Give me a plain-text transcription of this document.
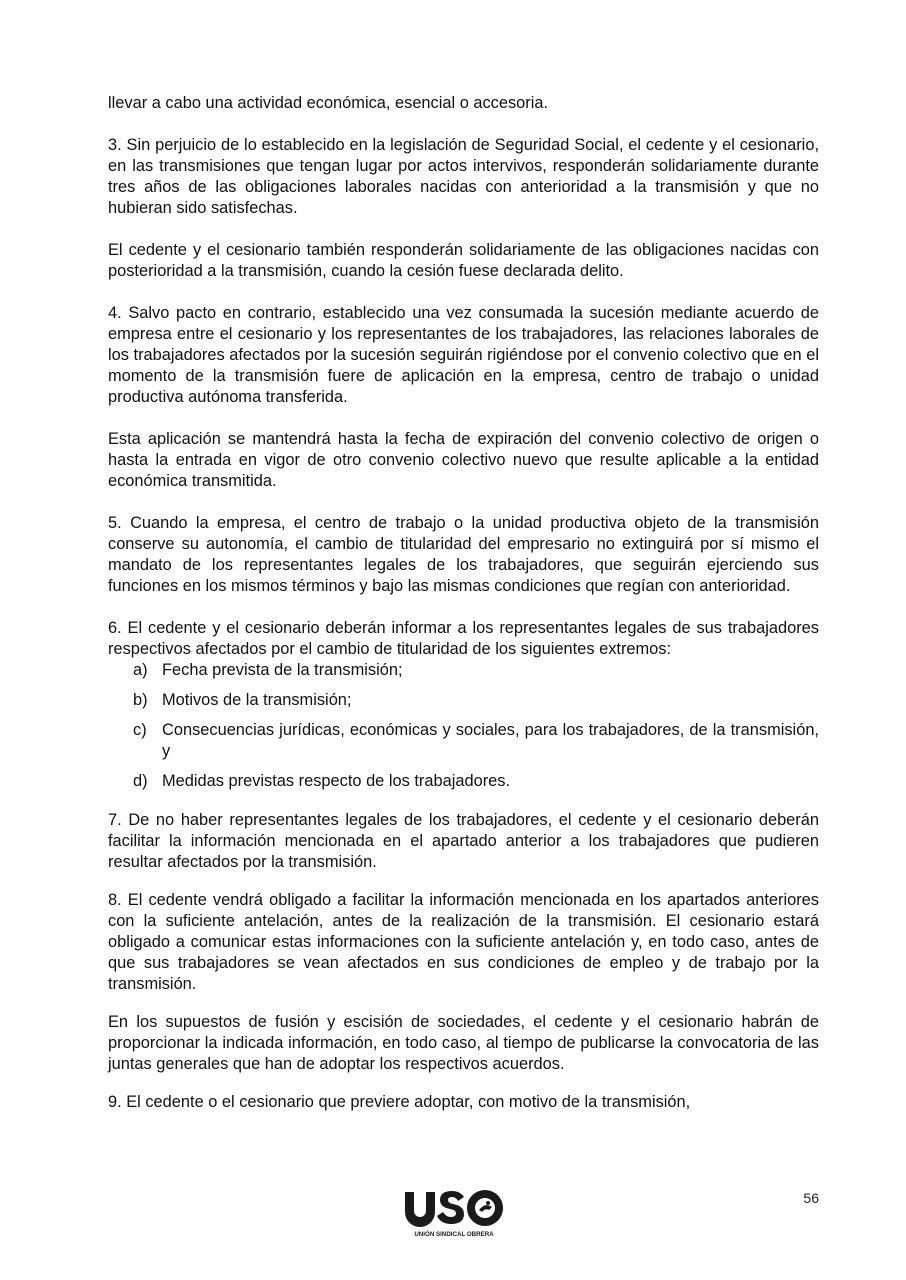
llevar a cabo una actividad económica, esencial o accesoria.

3. Sin perjuicio de lo establecido en la legislación de Seguridad Social, el cedente y el cesionario, en las transmisiones que tengan lugar por actos intervivos, responderán solidariamente durante tres años de las obligaciones laborales nacidas con anterioridad a la transmisión y que no hubieran sido satisfechas.

El cedente y el cesionario también responderán solidariamente de las obligaciones nacidas con posterioridad a la transmisión, cuando la cesión fuese declarada delito.

4. Salvo pacto en contrario, establecido una vez consumada la sucesión mediante acuerdo de empresa entre el cesionario y los representantes de los trabajadores, las relaciones laborales de los trabajadores afectados por la sucesión seguirán rigiéndose por el convenio colectivo que en el momento de la transmisión fuere de aplicación en la empresa, centro de trabajo o unidad productiva autónoma transferida.

Esta aplicación se mantendrá hasta la fecha de expiración del convenio colectivo de origen o hasta la entrada en vigor de otro convenio colectivo nuevo que resulte aplicable a la entidad económica transmitida.

5. Cuando la empresa, el centro de trabajo o la unidad productiva objeto de la transmisión conserve su autonomía, el cambio de titularidad del empresario no extinguirá por sí mismo el mandato de los representantes legales de los trabajadores, que seguirán ejerciendo sus funciones en los mismos términos y bajo las mismas condiciones que regían con anterioridad.

6. El cedente y el cesionario deberán informar a los representantes legales de sus trabajadores respectivos afectados por el cambio de titularidad de los siguientes extremos:

a) Fecha prevista de la transmisión;
b) Motivos de la transmisión;
c) Consecuencias jurídicas, económicas y sociales, para los trabajadores, de la transmisión, y
d) Medidas previstas respecto de los trabajadores.

7. De no haber representantes legales de los trabajadores, el cedente y el cesionario deberán facilitar la información mencionada en el apartado anterior a los trabajadores que pudieren resultar afectados por la transmisión.

8. El cedente vendrá obligado a facilitar la información mencionada en los apartados anteriores con la suficiente antelación, antes de la realización de la transmisión. El cesionario estará obligado a comunicar estas informaciones con la suficiente antelación y, en todo caso, antes de que sus trabajadores se vean afectados en sus condiciones de empleo y de trabajo por la transmisión.

En los supuestos de fusión y escisión de sociedades, el cedente y el cesionario habrán de proporcionar la indicada información, en todo caso, al tiempo de publicarse la convocatoria de las juntas generales que han de adoptar los respectivos acuerdos.

9. El cedente o el cesionario que previere adoptar, con motivo de la transmisión,

56
UNIÓN SINDICAL OBRERA
